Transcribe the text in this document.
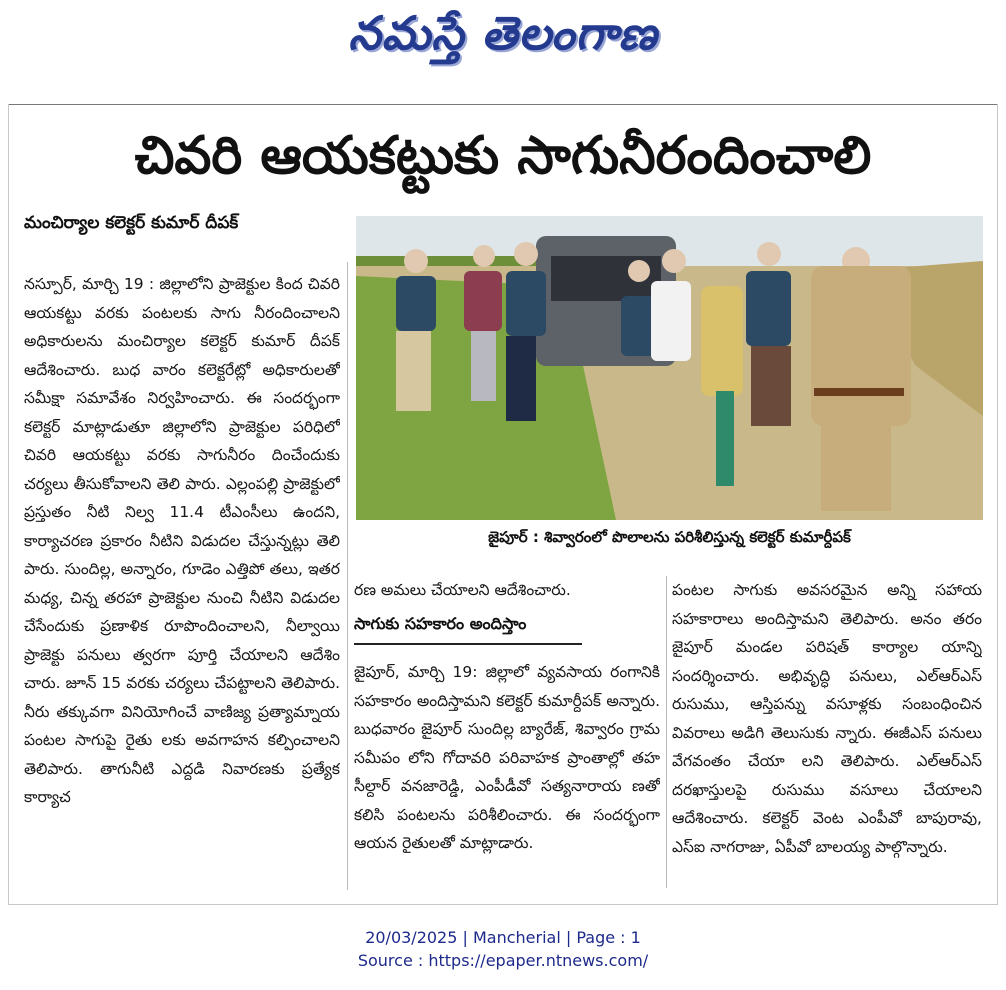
నమస్తే తెలంగాణ
చివరి ఆయకట్టుకు సాగునీరందించాలి
మంచిర్యాల కలెక్టర్ కుమార్ దీపక్
నస్పూర్, మార్చి 19 : జిల్లాలోని ప్రాజెక్టుల కింద చివరి ఆయకట్టు వరకు పంటలకు సాగు నీరందించాలని అధికారులను మంచిర్యాల కలెక్టర్ కుమార్ దీపక్ ఆదేశించారు. బుధ వారం కలెక్టరేట్లో అధికారులతో సమీక్షా సమావేశం నిర్వహించారు. ఈ సందర్భంగా కలెక్టర్ మాట్లాడుతూ జిల్లాలోని ప్రాజెక్టుల పరిధిలో చివరి ఆయకట్టు వరకు సాగునీరం దించేందుకు చర్యలు తీసుకోవాలని తెలి పారు. ఎల్లంపల్లి ప్రాజెక్టులో ప్రస్తుతం నీటి నిల్వ 11.4 టీఎంసీలు ఉందని, కార్యాచరణ ప్రకారం నీటిని విడుదల చేస్తున్నట్లు తెలి పారు. సుందిల్ల, అన్నారం, గూడెం ఎత్తిపో తలు, ఇతర మధ్య, చిన్న తరహా ప్రాజెక్టుల నుంచి నీటిని విడుదల చేసేందుకు ప్రణాళిక రూపొందించాలని, నీల్వాయి ప్రాజెక్టు పనులు త్వరగా పూర్తి చేయాలని ఆదేశిం చారు. జూన్ 15 వరకు చర్యలు చేపట్టాలని తెలిపారు. నీరు తక్కువగా వినియోగించే వాణిజ్య ప్రత్యామ్నాయ పంటల సాగుపై రైతు లకు అవగాహన కల్పించాలని తెలిపారు. తాగునీటి ఎద్దడి నివారణకు ప్రత్యేక కార్యాచ
జైపూర్ : శివ్వారంలో పొలాలను పరిశీలిస్తున్న కలెక్టర్ కుమార్దీపక్
రణ అమలు చేయాలని ఆదేశించారు.
సాగుకు సహకారం అందిస్తాం
జైపూర్, మార్చి 19: జిల్లాలో వ్యవసాయ రంగానికి సహకారం అందిస్తామని కలెక్టర్ కుమార్దీపక్ అన్నారు. బుధవారం జైపూర్ సుందిల్ల బ్యారేజ్, శివ్వారం గ్రామ సమీపం లోని గోదావరి పరివాహక ప్రాంతాల్లో తహ సీల్దార్ వనజారెడ్డి, ఎంపీడీవో సత్యనారాయ ణతో కలిసి పంటలను పరిశీలించారు. ఈ సందర్భంగా ఆయన రైతులతో మాట్లాడారు.
పంటల సాగుకు అవసరమైన అన్ని సహాయ సహకారాలు అందిస్తామని తెలిపారు. అనం తరం జైపూర్ మండల పరిషత్ కార్యాల యాన్ని సందర్శించారు. అభివృద్ధి పనులు, ఎల్ఆర్ఎస్ రుసుము, ఆస్తిపన్ను వసూళ్లకు సంబంధించిన వివరాలు అడిగి తెలుసుకు న్నారు. ఈజీఎస్ పనులు వేగవంతం చేయా లని తెలిపారు. ఎల్ఆర్ఎస్ దరఖాస్తులపై రుసుము వసూలు చేయాలని ఆదేశించారు. కలెక్టర్ వెంట ఎంపీవో బాపురావు, ఎస్ఐ నాగరాజు, ఏపీవో బాలయ్య పాల్గొన్నారు.
20/03/2025 | Mancherial | Page : 1
Source : https://epaper.ntnews.com/
